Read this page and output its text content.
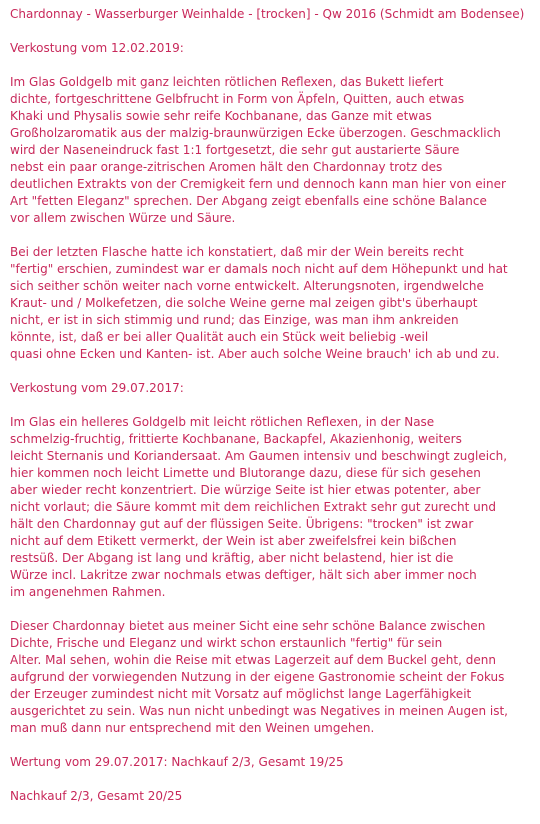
Chardonnay - Wasserburger Weinhalde - [trocken] - Qw 2016 (Schmidt am Bodensee)
Verkostung vom 12.02.2019:
Im Glas Goldgelb mit ganz leichten rötlichen Reflexen, das Bukett liefert
dichte, fortgeschrittene Gelbfrucht in Form von Äpfeln, Quitten, auch etwas
Khaki und Physalis sowie sehr reife Kochbanane, das Ganze mit etwas
Großholzaromatik aus der malzig-braunwürzigen Ecke überzogen. Geschmacklich
wird der Naseneindruck fast 1:1 fortgesetzt, die sehr gut austarierte Säure
nebst ein paar orange-zitrischen Aromen hält den Chardonnay trotz des
deutlichen Extrakts von der Cremigkeit fern und dennoch kann man hier von einer
Art "fetten Eleganz" sprechen. Der Abgang zeigt ebenfalls eine schöne Balance
vor allem zwischen Würze und Säure.
Bei der letzten Flasche hatte ich konstatiert, daß mir der Wein bereits recht
"fertig" erschien, zumindest war er damals noch nicht auf dem Höhepunkt und hat
sich seither schön weiter nach vorne entwickelt. Alterungsnoten, irgendwelche
Kraut- und / Molkefetzen, die solche Weine gerne mal zeigen gibt's überhaupt
nicht, er ist in sich stimmig und rund; das Einzige, was man ihm ankreiden
könnte, ist, daß er bei aller Qualität auch ein Stück weit beliebig -weil
quasi ohne Ecken und Kanten- ist. Aber auch solche Weine brauch' ich ab und zu.
Verkostung vom 29.07.2017:
Im Glas ein helleres Goldgelb mit leicht rötlichen Reflexen, in der Nase
schmelzig-fruchtig, frittierte Kochbanane, Backapfel, Akazienhonig, weiters
leicht Sternanis und Koriandersaat. Am Gaumen intensiv und beschwingt zugleich,
hier kommen noch leicht Limette und Blutorange dazu, diese für sich gesehen
aber wieder recht konzentriert. Die würzige Seite ist hier etwas potenter, aber
nicht vorlaut; die Säure kommt mit dem reichlichen Extrakt sehr gut zurecht und
hält den Chardonnay gut auf der flüssigen Seite. Übrigens: "trocken" ist zwar
nicht auf dem Etikett vermerkt, der Wein ist aber zweifelsfrei kein bißchen
restsüß. Der Abgang ist lang und kräftig, aber nicht belastend, hier ist die
Würze incl. Lakritze zwar nochmals etwas deftiger, hält sich aber immer noch
im angenehmen Rahmen.
Dieser Chardonnay bietet aus meiner Sicht eine sehr schöne Balance zwischen
Dichte, Frische und Eleganz und wirkt schon erstaunlich "fertig" für sein
Alter. Mal sehen, wohin die Reise mit etwas Lagerzeit auf dem Buckel geht, denn
aufgrund der vorwiegenden Nutzung in der eigene Gastronomie scheint der Fokus
der Erzeuger zumindest nicht mit Vorsatz auf möglichst lange Lagerfähigkeit
ausgerichtet zu sein. Was nun nicht unbedingt was Negatives in meinen Augen ist,
man muß dann nur entsprechend mit den Weinen umgehen.
Wertung vom 29.07.2017: Nachkauf 2/3, Gesamt 19/25
Nachkauf 2/3, Gesamt 20/25
